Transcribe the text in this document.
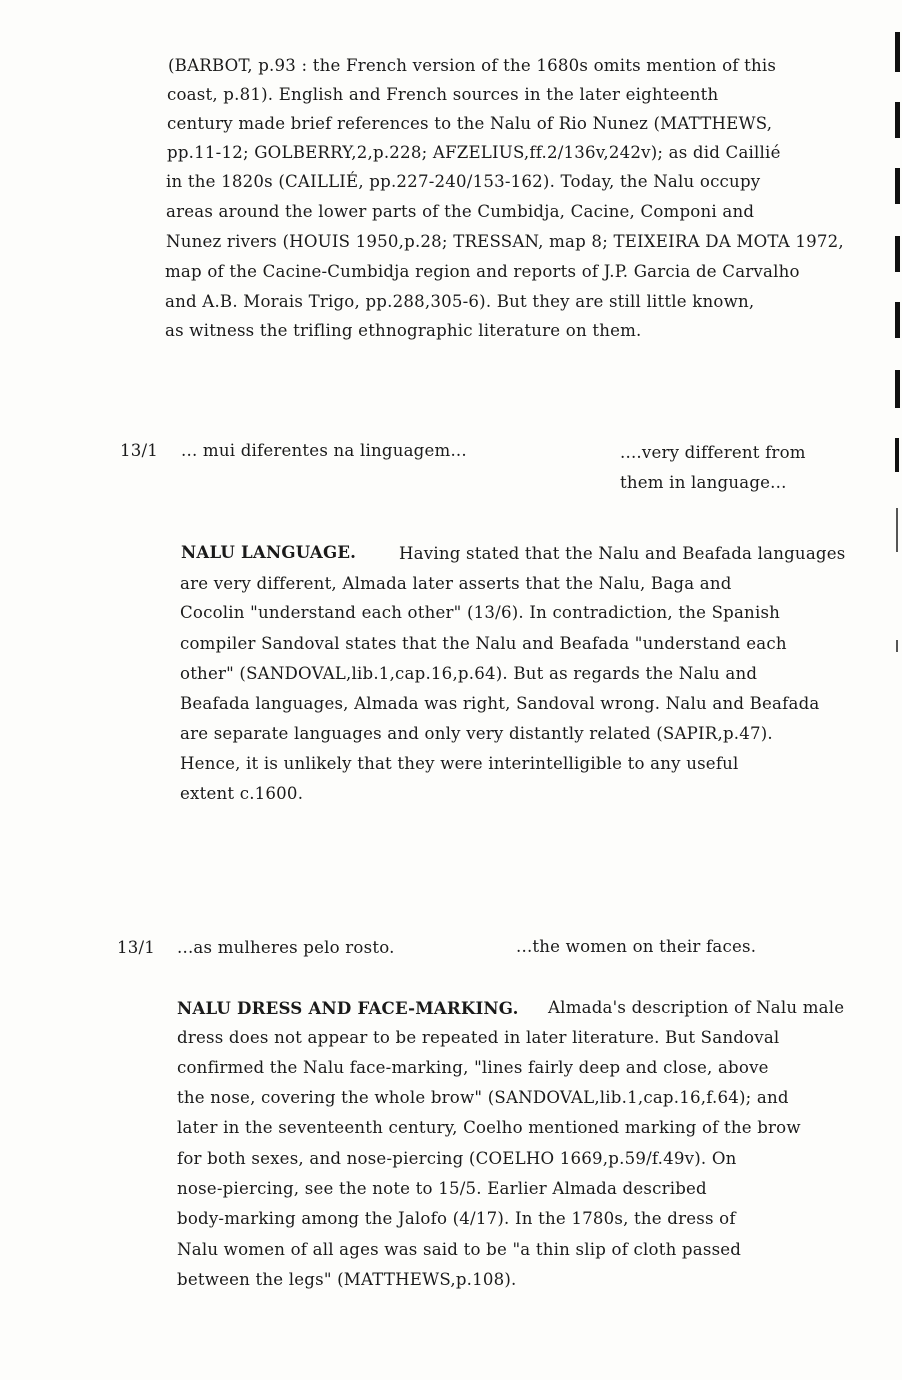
(BARBOT, p.93 : the French version of the 1680s omits mention of this
coast, p.81). English and French sources in the later eighteenth
century made brief references to the Nalu of Rio Nunez (MATTHEWS,
pp.11-12; GOLBERRY,2,p.228; AFZELIUS,ff.2/136v,242v); as did Caillié
in the 1820s (CAILLIÉ, pp.227-240/153-162). Today, the Nalu occupy
areas around the lower parts of the Cumbidja, Cacine, Componi and
Nunez rivers (HOUIS 1950,p.28; TRESSAN, map 8; TEIXEIRA DA MOTA 1972,
map of the Cacine-Cumbidja region and reports of J.P. Garcia de Carvalho
and A.B. Morais Trigo, pp.288,305-6). But they are still little known,
as witness the trifling ethnographic literature on them.
13/1 ... mui diferentes na linguagem...	....very different from
them in language...
NALU LANGUAGE.	Having stated that the Nalu and Beafada languages
are very different, Almada later asserts that the Nalu, Baga and
Cocolin "understand each other" (13/6). In contradiction, the Spanish
compiler Sandoval states that the Nalu and Beafada "understand each
other" (SANDOVAL,lib.1,cap.16,p.64). But as regards the Nalu and
Beafada languages, Almada was right, Sandoval wrong. Nalu and Beafada
are separate languages and only very distantly related (SAPIR,p.47).
Hence, it is unlikely that they were interintelligible to any useful
extent c.1600.
13/1 ...as mulheres pelo rosto.	...the women on their faces.
NALU DRESS AND FACE-MARKING. Almada's description of Nalu male
dress does not appear to be repeated in later literature. But Sandoval
confirmed the Nalu face-marking, "lines fairly deep and close, above
the nose, covering the whole brow" (SANDOVAL,lib.1,cap.16,f.64); and
later in the seventeenth century, Coelho mentioned marking of the brow
for both sexes, and nose-piercing (COELHO 1669,p.59/f.49v). On
nose-piercing, see the note to 15/5. Earlier Almada described
body-marking among the Jalofo (4/17). In the 1780s, the dress of
Nalu women of all ages was said to be "a thin slip of cloth passed
between the legs" (MATTHEWS,p.108).
